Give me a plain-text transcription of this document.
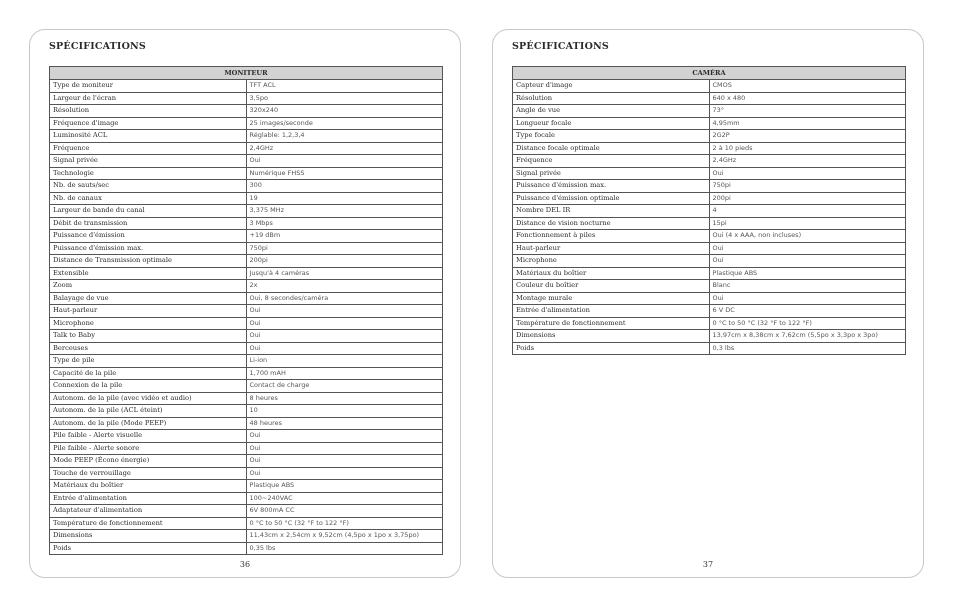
SPÉCIFICATIONS
MONITEUR	
Type de moniteur	TFT ACL
Largeur de l'écran	3,5po
Résolution	320x240
Fréquence d'image	25 images/seconde
Luminosité ACL	Réglable: 1,2,3,4
Fréquence	2,4GHz
Signal privée	Oui
Technologie	Numérique FHSS
Nb. de sauts/sec	300
Nb. de canaux	19
Largeur de bande du canal	3,375 MHz
Débit de transmission	3 Mbps
Puissance d'émission	+19 dBm
Puissance d'émission max.	750pi
Distance de Transmission optimale	200pi
Extensible	Jusqu'à 4 caméras
Zoom	2x
Balayage de vue	Oui, 8 secondes/caméra
Haut-parleur	Oui
Microphone	Oui
Talk to Baby	Oui
Berceuses	Oui
Type de pile	Li-ion
Capacité de la pile	1,700 mAH
Connexion de la pile	Contact de charge
Autonom. de la pile (avec vidéo et audio)	8 heures
Autonom. de la pile (ACL éteint)	10
Autonom. de la pile (Mode PEEP)	48 heures
Pile faible - Alerte visuelle	Oui
Pile faible - Alerte sonore	Oui
Mode PEEP (Écono énergie)	Oui
Touche de verrouillage	Oui
Matériaux du boîtier	Plastique ABS
Entrée d'alimentation	100~240VAC
Adaptateur d'alimentation	6V 800mA CC
Température de fonctionnement	0 °C to 50 °C (32 °F to 122 °F)
Dimensions	11,43cm x 2,54cm x 9,52cm (4,5po x 1po x 3,75po)
Poids	0,35 lbs
36
SPÉCIFICATIONS
CAMÉRA	
Capteur d'image	CMOS
Résolution	640 x 480
Angle de vue	73°
Longueur focale	4,95mm
Type focale	2G2P
Distance focale optimale	2 à 10 pieds
Fréquence	2,4GHz
Signal privée	Oui
Puissance d'émission max.	750pi
Puissance d'émission optimale	200pi
Nombre DEL IR	4
Distance de vision nocturne	15pi
Fonctionnement à piles	Oui (4 x AAA, non incluses)
Haut-parleur	Oui
Microphone	Oui
Matériaux du boîtier	Plastique ABS
Couleur du boîtier	Blanc
Montage murale	Oui
Entrée d'alimentation	6 V DC
Température de fonctionnement	0 °C to 50 °C (32 °F to 122 °F)
Dimensions	13,97cm x 8,38cm x 7,62cm (5,5po x 3,3po x 3po)
Poids	0,3 lbs
37
